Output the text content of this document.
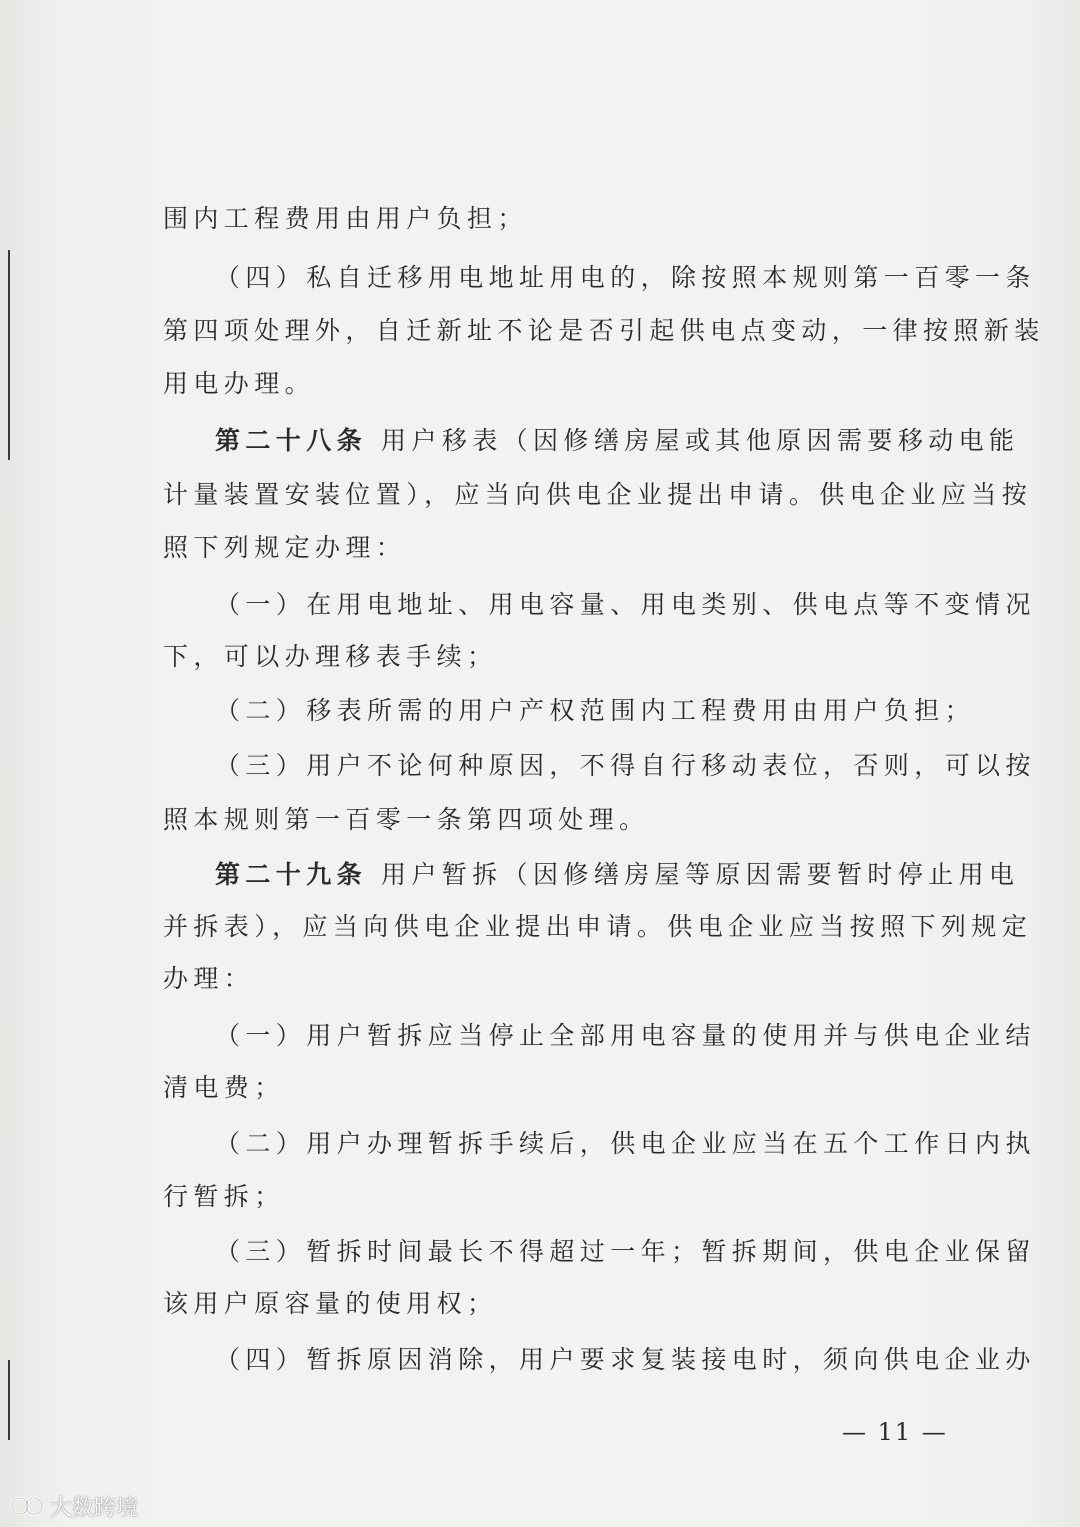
围内工程费用由用户负担；
（四）私自迁移用电地址用电的，除按照本规则第一百零一条
第四项处理外，自迁新址不论是否引起供电点变动，一律按照新装
用电办理。
第二十八条 用户移表（因修缮房屋或其他原因需要移动电能
计量装置安装位置），应当向供电企业提出申请。供电企业应当按
照下列规定办理：
（一）在用电地址、用电容量、用电类别、供电点等不变情况
下，可以办理移表手续；
（二）移表所需的用户产权范围内工程费用由用户负担；
（三）用户不论何种原因，不得自行移动表位，否则，可以按
照本规则第一百零一条第四项处理。
第二十九条 用户暂拆（因修缮房屋等原因需要暂时停止用电
并拆表），应当向供电企业提出申请。供电企业应当按照下列规定
办理：
（一）用户暂拆应当停止全部用电容量的使用并与供电企业结
清电费；
（二）用户办理暂拆手续后，供电企业应当在五个工作日内执
行暂拆；
（三）暂拆时间最长不得超过一年；暂拆期间，供电企业保留
该用户原容量的使用权；
（四）暂拆原因消除，用户要求复装接电时，须向供电企业办
— 11 —
大数跨境
